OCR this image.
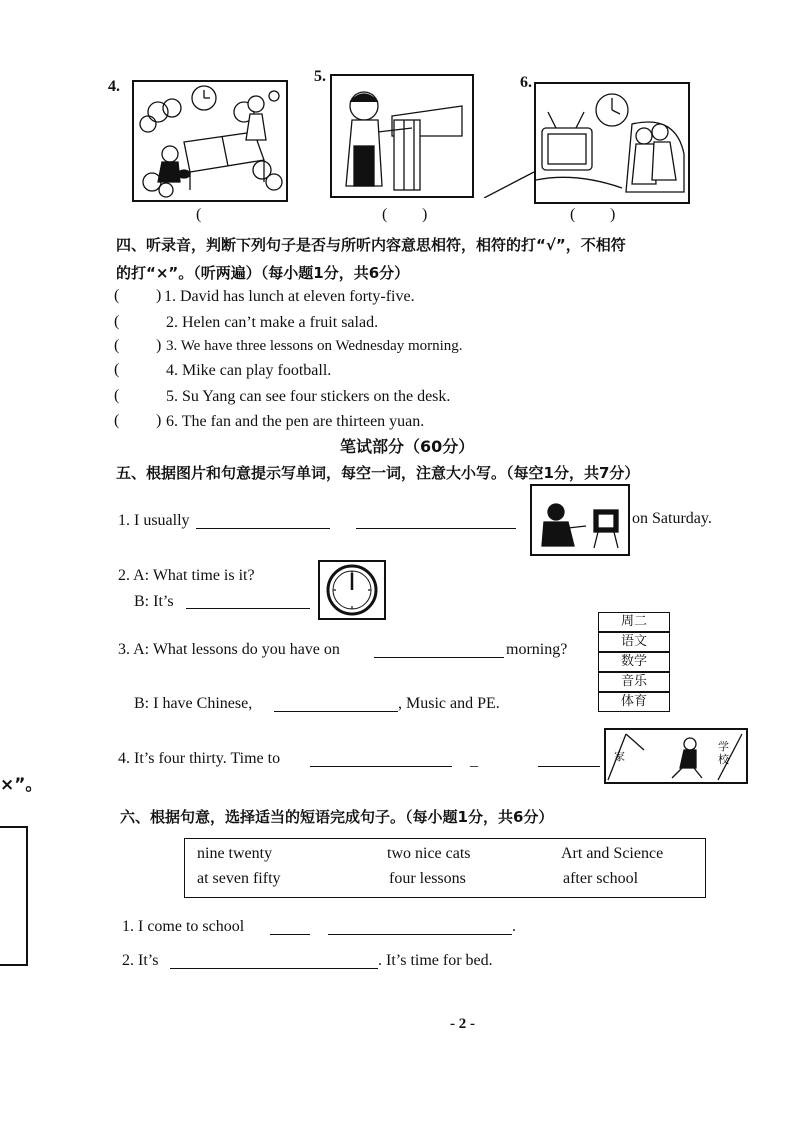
4.
5.	6.
(	( )	( )
四、听录音，判断下列句子是否与所听内容意思相符，相符的打“√”，不相符
的打“×”。（听两遍）（每小题1分，共6分）
( ) 1. David has lunch at eleven forty-five.
(	2. Helen can’t make a fruit salad.
( ) 3. We have three lessons on Wednesday morning.
(	4. Mike can play football.
(	5. Su Yang can see four stickers on the desk.
( ) 6. The fan and the pen are thirteen yuan.
笔试部分（60分）
五、根据图片和句意提示写单词，每空一词，注意大小写。（每空1分，共7分）
1. I usually	on Saturday.
2. A: What time is it?
B: It’s
3. A: What lessons do you have on	morning?
B: I have Chinese,	, Music and PE.
周二
语文
数学
音乐
体育
4. It’s four thirty. Time to	_	家
学校
×”。
六、根据句意，选择适当的短语完成句子。（每小题1分，共6分）
nine twenty	two nice cats	Art and Science
at seven fifty	four lessons	after school
1. I come to school	.
2. It’s	. It’s time for bed.
- 2 -
